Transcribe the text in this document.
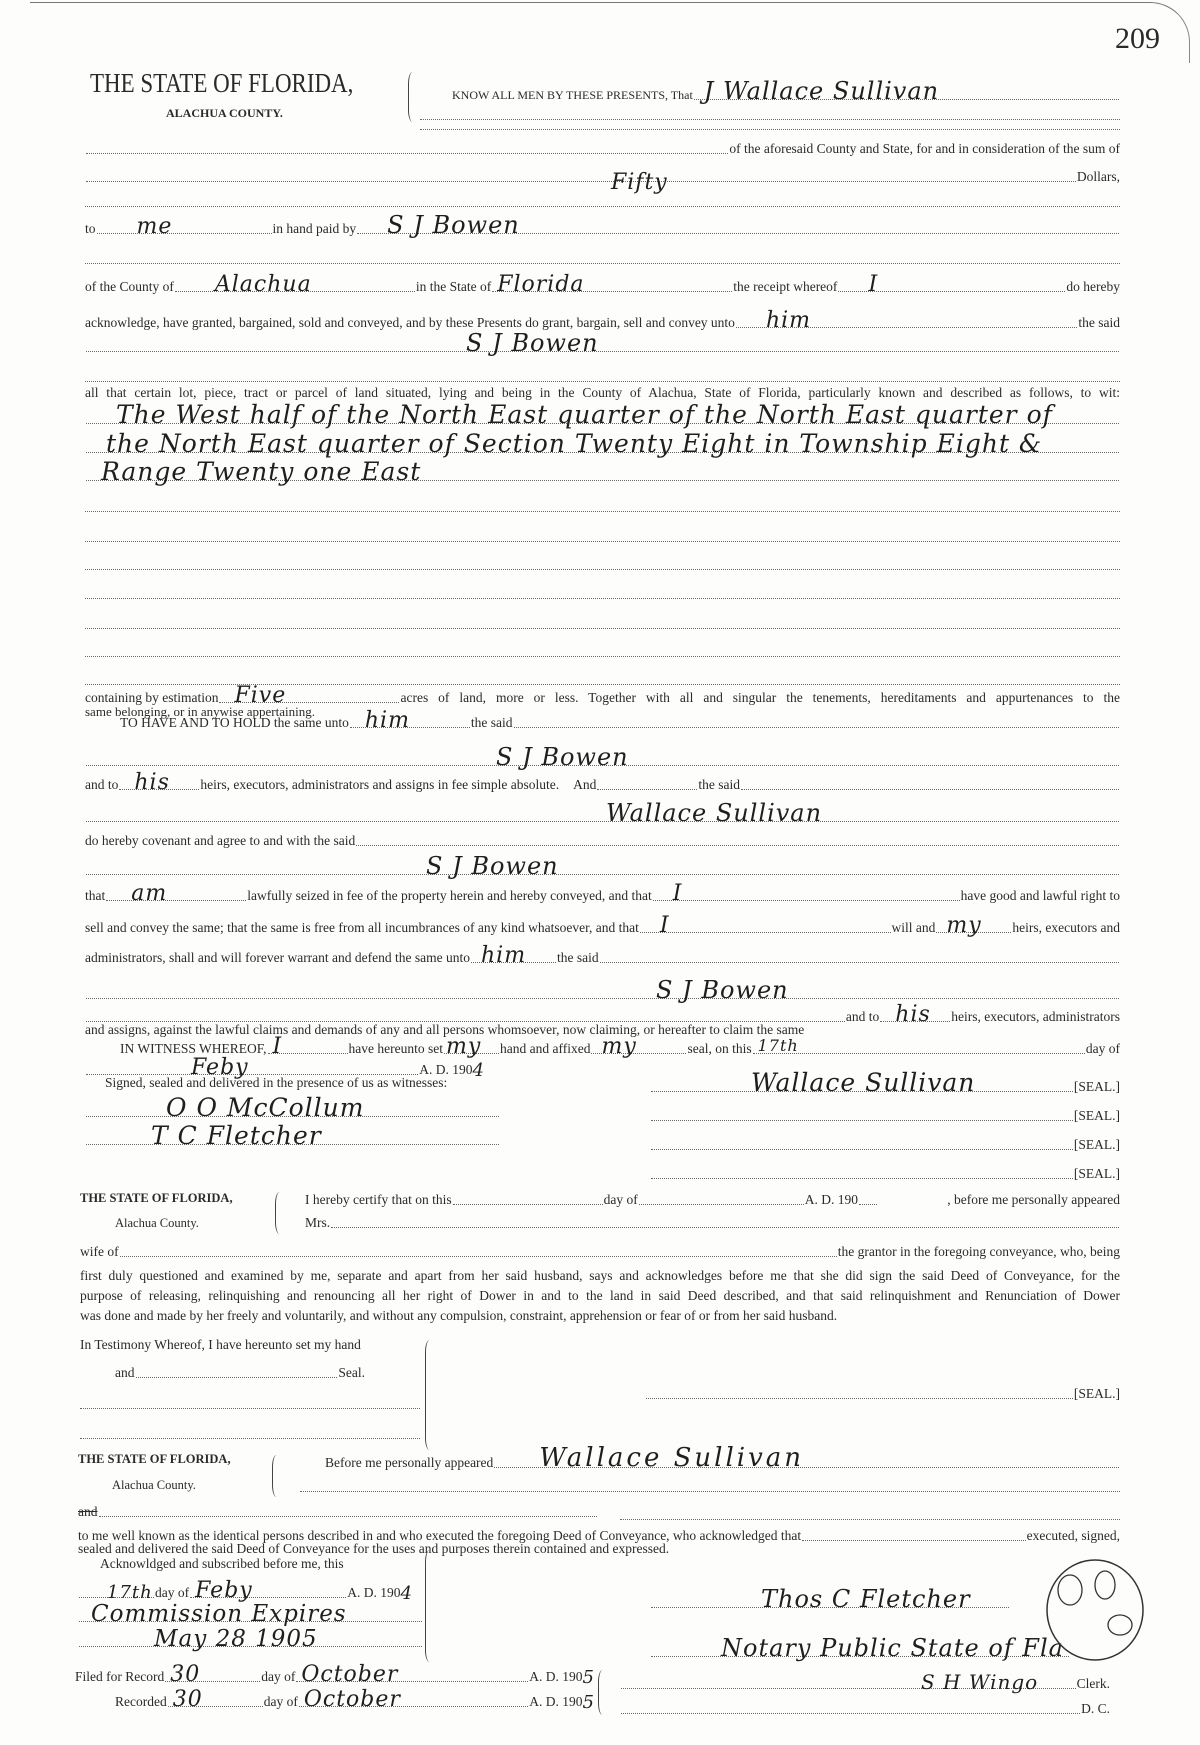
209
THE STATE OF FLORIDA,
ALACHUA COUNTY.
KNOW ALL MEN BY THESE PRESENTS, That J Wallace Sullivan
of the aforesaid County and State, for and in consideration of the sum of
Fifty	Dollars,
to me	in hand paid by S J Bowen
of the County of Alachua	in the State of Florida	the receipt whereof I	do hereby
acknowledge, have granted, bargained, sold and conveyed, and by these Presents do grant, bargain, sell and convey unto him	the said
S J Bowen
all that certain lot, piece, tract or parcel of land situated, lying and being in the County of Alachua, State of Florida, particularly known and described as follows, to wit:
The West half of the North East quarter of the North East quarter of
the North East quarter of Section Twenty Eight in Township Eight &
Range Twenty one East
containing by estimation Five	acres of land, more or less. Together with all and singular the tenements, hereditaments and appurtenances to the
same belonging, or in anywise appertaining.
TO HAVE AND TO HOLD the same unto him	the said
S J Bowen
and to his heirs, executors, administrators and assigns in fee simple absolute. And	the said
Wallace Sullivan
do hereby covenant and agree to and with the said
S J Bowen
that am	lawfully seized in fee of the property herein and hereby conveyed, and that I	have good and lawful right to
sell and convey the same; that the same is free from all incumbrances of any kind whatsoever, and that I	will and my heirs, executors and
administrators, shall and will forever warrant and defend the same unto him the said
S J Bowen
and to his heirs, executors, administrators
and assigns, against the lawful claims and demands of any and all persons whomsoever, now claiming, or hereafter to claim the same
IN WITNESS WHEREOF, I	have hereunto set my hand and affixed my	seal, on this 17th	day of
Feby	A. D. 190 4
Signed, sealed and delivered in the presence of us as witnesses:
O O McCollum
T C Fletcher
Wallace Sullivan	[SEAL.]
[SEAL.]
[SEAL.]
[SEAL.]
THE STATE OF FLORIDA,
Alachua County.
I hereby certify that on this	day of	A. D. 190	, before me personally appeared
Mrs.
wife of	the grantor in the foregoing conveyance, who, being
first duly questioned and examined by me, separate and apart from her said husband, says and acknowledges before me that she did sign the said Deed of Conveyance, for the
purpose of releasing, relinquishing and renouncing all her right of Dower in and to the land in said Deed described, and that said relinquishment and Renunciation of Dower
was done and made by her freely and voluntarily, and without any compulsion, constraint, apprehension or fear of or from her said husband.
In Testimony Whereof, I have hereunto set my hand
and	Seal.
[SEAL.]
THE STATE OF FLORIDA,
Alachua County.
Before me personally appeared Wallace Sullivan
and
to me well known as the identical persons described in and who executed the foregoing Deed of Conveyance, who acknowledged that	executed, signed,
sealed and delivered the said Deed of Conveyance for the uses and purposes therein contained and expressed.
Acknowldged and subscribed before me, this
17th day of Feby	A. D. 190 4
Commission Expires
May 28 1905
Thos C Fletcher
Notary Public State of Fla
Filed for Record 30	day of October	A. D. 190 5
Recorded 30	day of October	A. D. 190 5
S H Wingo	Clerk.
D. C.
